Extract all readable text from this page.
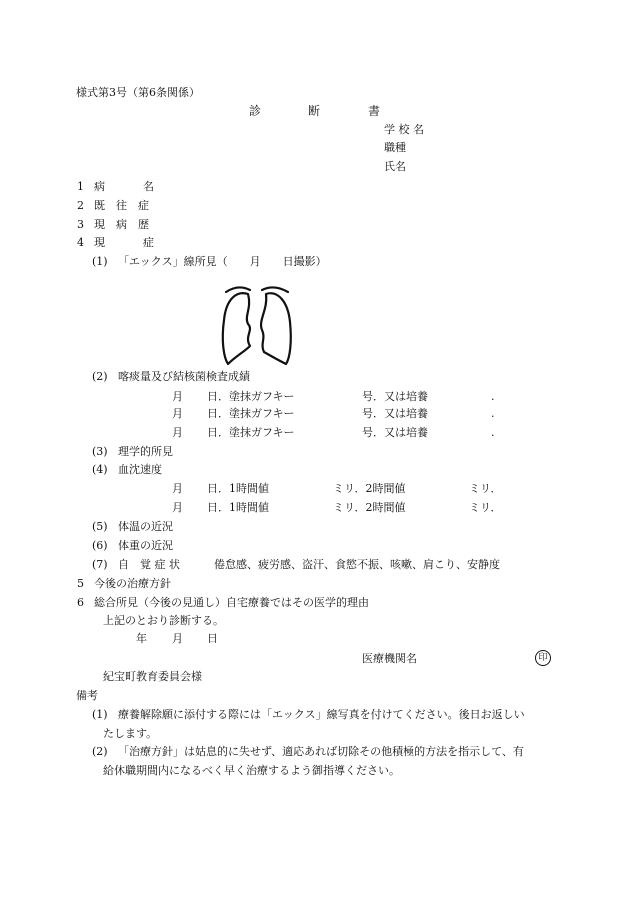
様式第3号（第6条関係）
診	断	書
学 校 名
職種
氏名
1 病	名
2 既　往　症
3 現　病　歴
4 現	症
(1) 「エックス」線所見（　　月　　日撮影）
(2) 喀痰量及び結核菌検査成績
月 日．塗抹ガフキー	号．又は培養	.
月 日．塗抹ガフキー	号．又は培養	.
月 日．塗抹ガフキー	号．又は培養	.
(3) 理学的所見
(4) 血沈速度
月 日．1時間値	ミリ．2時間値	ミリ．
月 日．1時間値	ミリ．2時間値	ミリ．
(5) 体温の近況
(6) 体重の近況
(7) 自　覚 症 状	倦怠感、疲労感、盗汗、食慾不振、咳嗽、肩こり、安静度
5 今後の治療方針
6 総合所見（今後の見通し）自宅療養ではその医学的理由
上記のとおり診断する。
年 月 日
医療機関名	印
紀宝町教育委員会様
備考
(1) 療養解除願に添付する際には「エックス」線写真を付けてください。後日お返しい
たします。
(2) 「治療方針」は姑息的に失せず、適応あれば切除その他積極的方法を指示して、有
給休職期間内になるべく早く治療するよう御指導ください。
